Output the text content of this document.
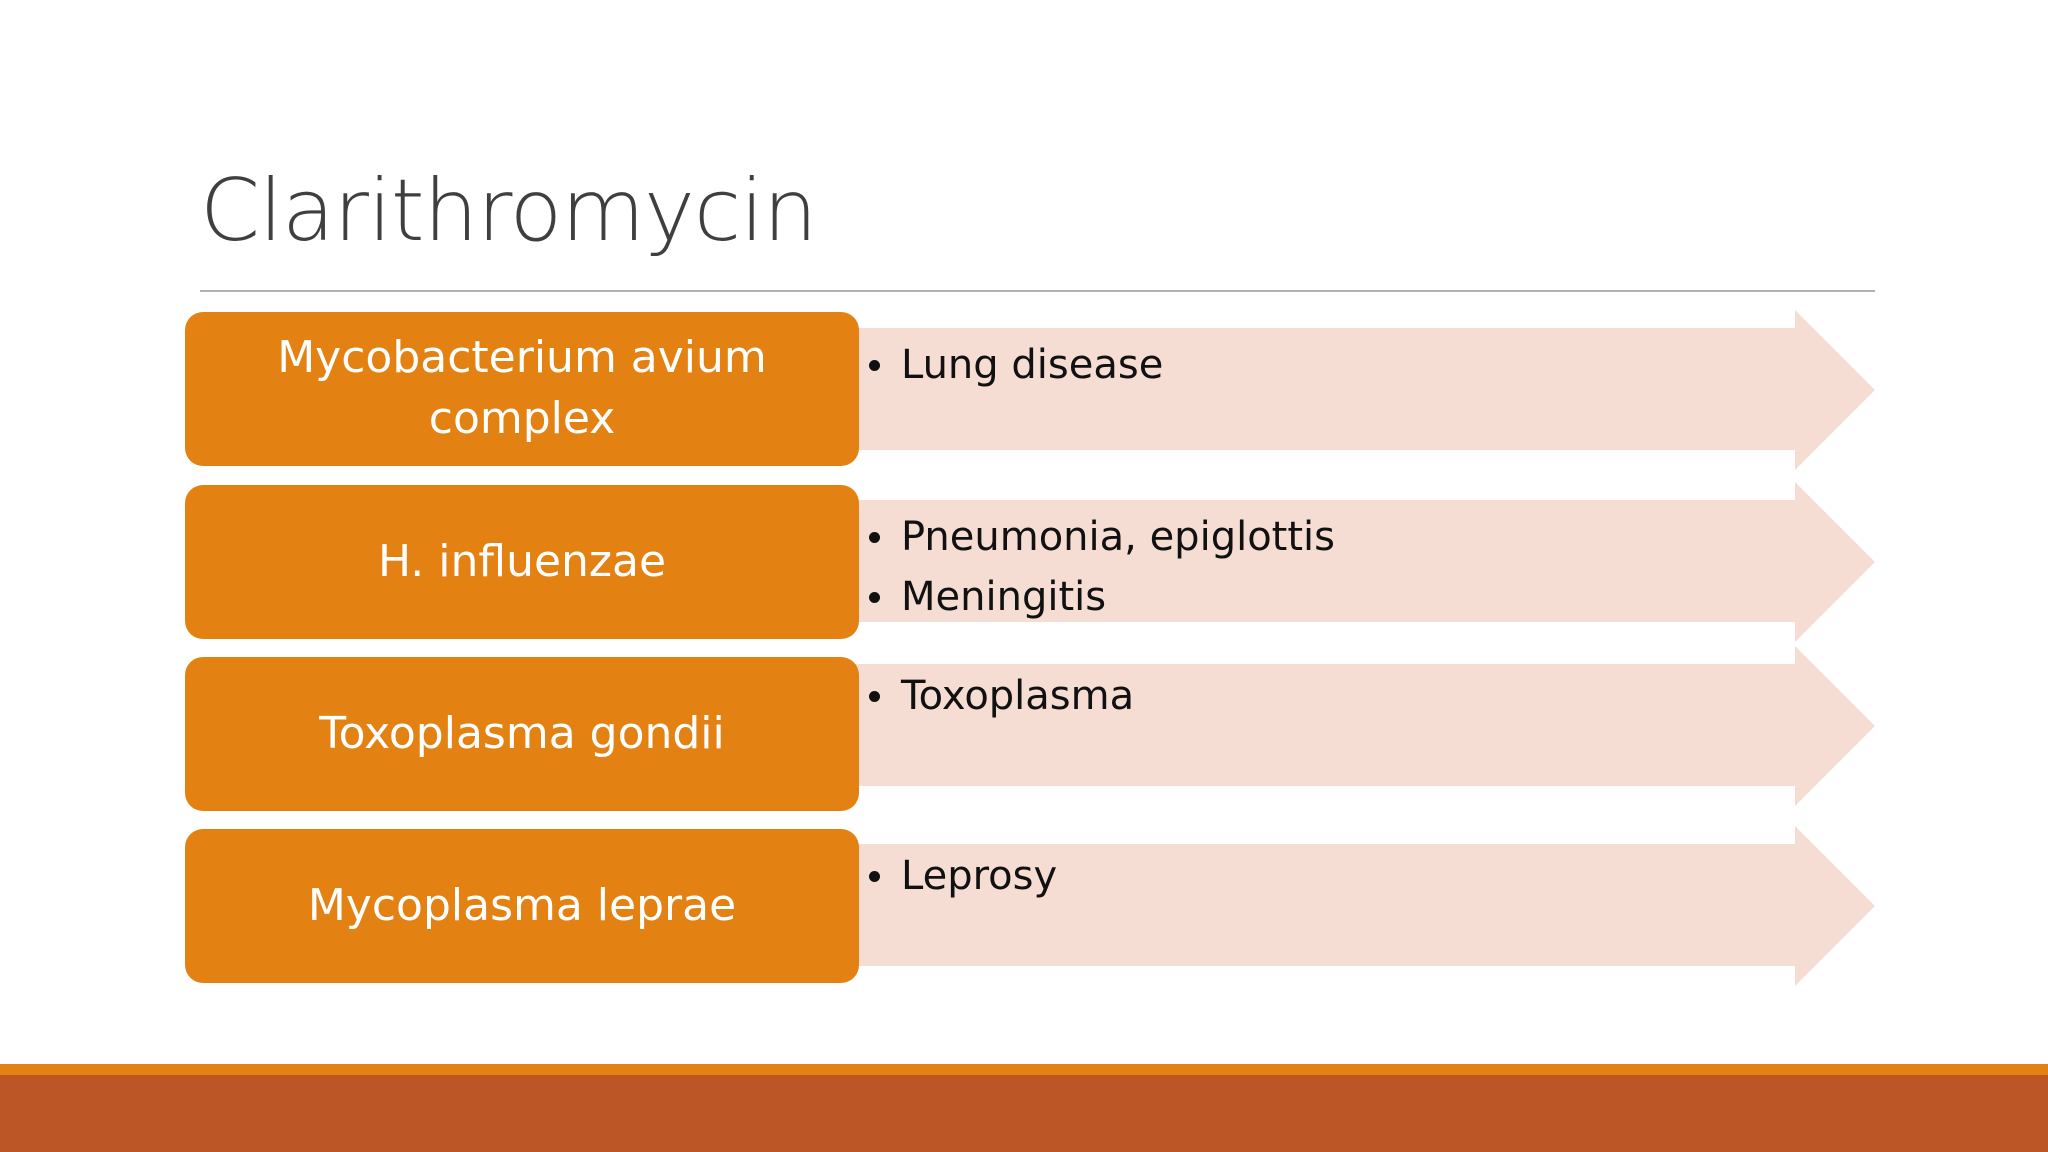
Clarithromycin
Mycobacterium avium complex
Lung disease
H. influenzae	Pneumonia, epiglottis
Meningitis
Toxoplasma gondii
Toxoplasma
Mycoplasma leprae
Leprosy
